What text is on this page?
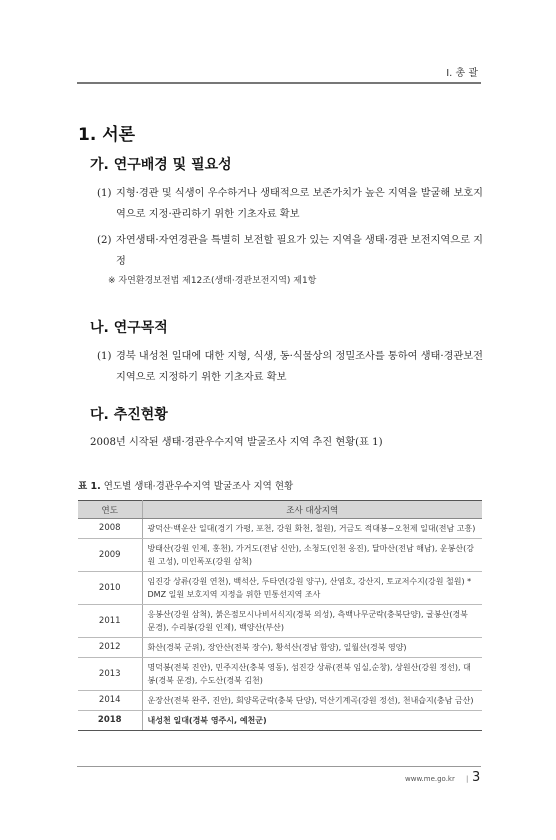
I. 총 괄
1. 서론
가. 연구배경 및 필요성
(1) 지형·경관 및 식생이 우수하거나 생태적으로 보존가치가 높은 지역을 발굴해 보호지역으로 지정·관리하기 위한 기초자료 확보
(2) 자연생태·자연경관을 특별히 보전할 필요가 있는 지역을 생태·경관 보전지역으로 지정
※ 자연환경보전법 제12조(생태·경관보전지역) 제1항
나. 연구목적
(1) 경북 내성천 일대에 대한 지형, 식생, 동·식물상의 정밀조사를 통하여 생태·경관보전지역으로 지정하기 위한 기초자료 확보
다. 추진현황
2008년 시작된 생태·경관우수지역 발굴조사 지역 추진 현황(표 1)
표 1. 연도별 생태·경관우수지역 발굴조사 지역 현황
연도	조사 대상지역
2008	광덕산·백운산 일대(경기 가평, 포천, 강원 화천, 철원), 거금도 적대봉~오천제 일대(전남 고흥)
2009	방태산(강원 인제, 홍천), 가거도(전남 신안), 소청도(인천 옹진), 달마산(전남 해남), 운봉산(강원 고성), 미인폭포(강원 삼척)
2010	임진강 상류(강원 연천), 백석산, 두타연(강원 양구), 산염호, 강산지, 토교저수지(강원 철원) * DMZ 일원 보호지역 지정을 위한 민통선지역 조사
2011	응봉산(강원 삼척), 붉은점모시나비서식지(경북 의성), 측백나무군락(충북단양), 굴봉산(경북 문경), 수리봉(강원 인제), 백양산(부산)
2012	화산(경북 군위), 장안산(전북 장수), 황석산(경남 함양), 일월산(경북 영양)
2013	명덕봉(전북 진안), 민주지산(충북 영동), 섬진강 상류(전북 임실,순창), 상원산(강원 정선), 대봉(경북 문경), 수도산(경북 김천)
2014	운장산(전북 완주, 진안), 회양목군락(충북 단양), 덕산기계곡(강원 정선), 천내습지(충남 금산)
2018	내성천 일대(경북 영주시, 예천군)
www.me.go.kr | 3
